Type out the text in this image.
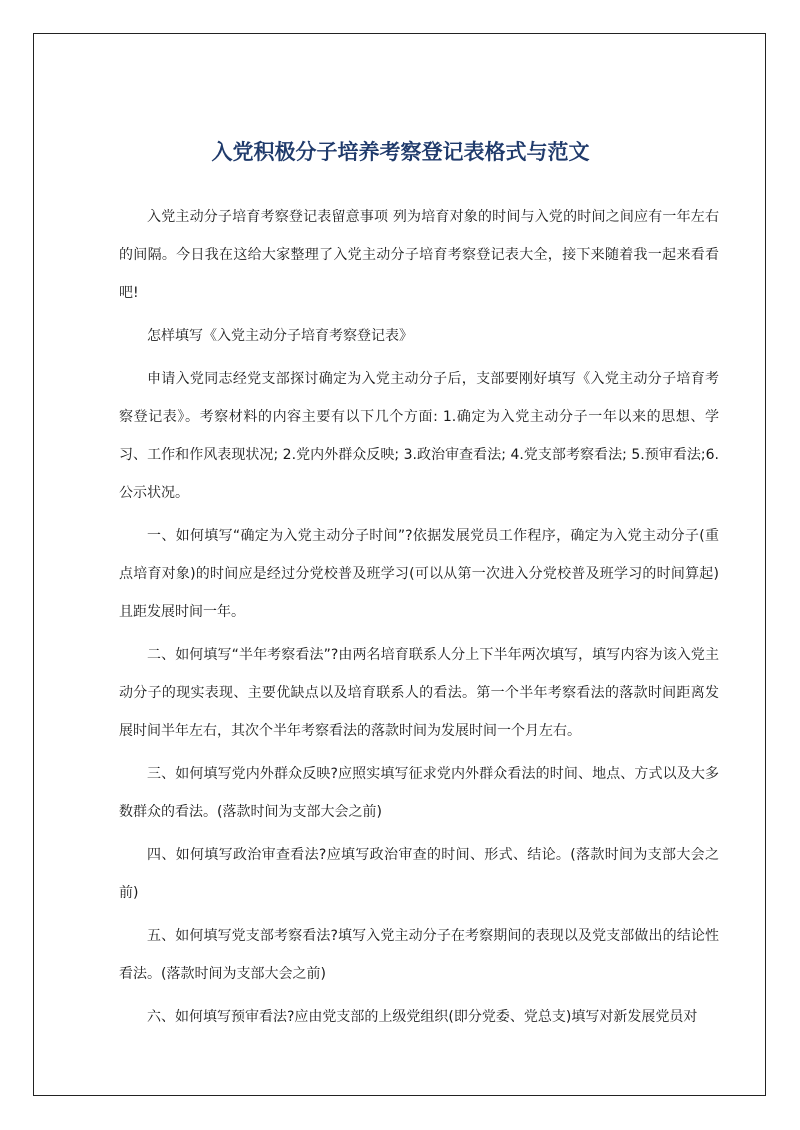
入党积极分子培养考察登记表格式与范文

入党主动分子培育考察登记表留意事项 列为培育对象的时间与入党的时间之间应有一年左右的间隔。今日我在这给大家整理了入党主动分子培育考察登记表大全，接下来随着我一起来看看吧!

怎样填写《入党主动分子培育考察登记表》

申请入党同志经党支部探讨确定为入党主动分子后，支部要刚好填写《入党主动分子培育考察登记表》。考察材料的内容主要有以下几个方面: 1.确定为入党主动分子一年以来的思想、学习、工作和作风表现状况; 2.党内外群众反映; 3.政治审查看法; 4.党支部考察看法; 5.预审看法;6.公示状况。

一、如何填写“确定为入党主动分子时间”?依据发展党员工作程序，确定为入党主动分子(重点培育对象)的时间应是经过分党校普及班学习(可以从第一次进入分党校普及班学习的时间算起)且距发展时间一年。

二、如何填写“半年考察看法”?由两名培育联系人分上下半年两次填写，填写内容为该入党主动分子的现实表现、主要优缺点以及培育联系人的看法。第一个半年考察看法的落款时间距离发展时间半年左右，其次个半年考察看法的落款时间为发展时间一个月左右。

三、如何填写党内外群众反映?应照实填写征求党内外群众看法的时间、地点、方式以及大多数群众的看法。(落款时间为支部大会之前)

四、如何填写政治审查看法?应填写政治审查的时间、形式、结论。(落款时间为支部大会之前)

五、如何填写党支部考察看法?填写入党主动分子在考察期间的表现以及党支部做出的结论性看法。(落款时间为支部大会之前)

六、如何填写预审看法?应由党支部的上级党组织(即分党委、党总支)填写对新发展党员对
